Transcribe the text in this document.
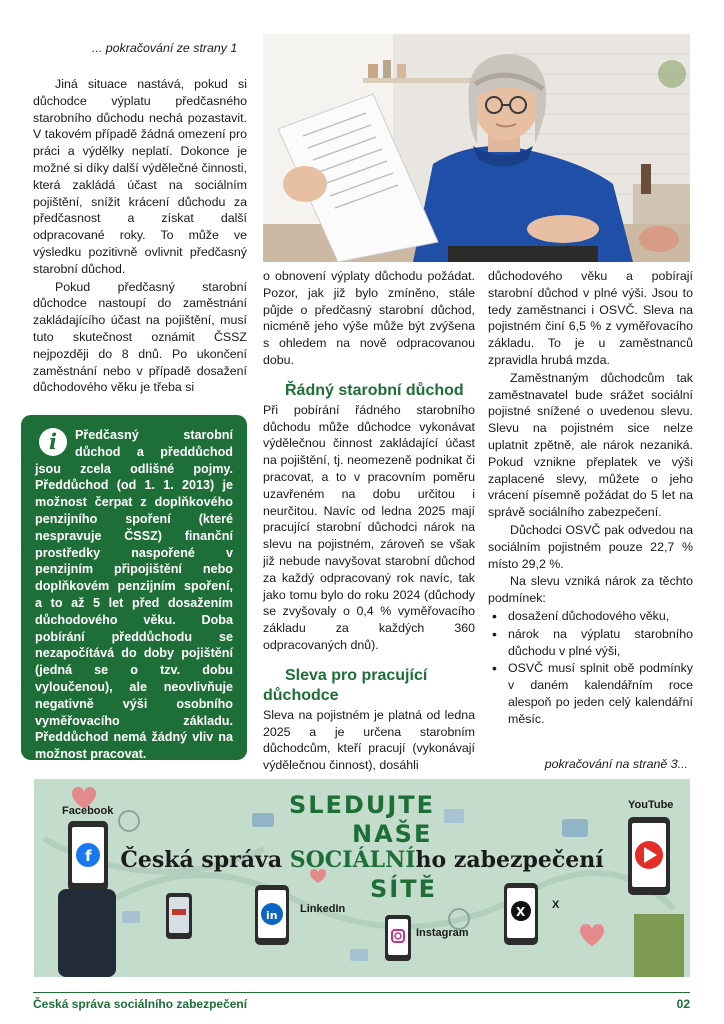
... pokračování ze strany 1

Jiná situace nastává, pokud si důchodce výplatu předčasného starobního důchodu nechá pozastavit. V takovém případě žádná omezení pro práci a výdělky neplatí. Dokonce je možné si díky další výdělečné činnosti, která zakládá účast na sociálním pojištění, snížit krácení důchodu za předčasnost a získat další odpracované roky. To může ve výsledku pozitivně ovlivnit předčasný starobní důchod.

Pokud předčasný starobní důchodce nastoupí do zaměstnání zakládajícího účast na pojištění, musí tuto skutečnost oznámit ČSSZ nejpozději do 8 dnů. Po ukončení zaměstnání nebo v případě dosažení důchodového věku je třeba si

i	Předčasný starobní důchod a předdůchod jsou zcela odlišné pojmy. Předdůchod (od 1. 1. 2013) je možnost čerpat z doplňkového penzijního spoření (které nespravuje ČSSZ) finanční prostředky naspořené v penzijním připojištění nebo doplňkovém penzijním spoření, a to až 5 let před dosažením důchodového věku. Doba pobírání předdůchodu se nezapočítává do doby pojištění (jedná se o tzv. dobu vyloučenou), ale neovlivňuje negativně výši osobního vyměřovacího základu. Předdůchod nemá žádný vliv na možnost pracovat.

o obnovení výplaty důchodu požádat. Pozor, jak již bylo zmíněno, stále půjde o předčasný starobní důchod, nicméně jeho výše může být zvýšena s ohledem na nově odpracovanou dobu.

Řádný starobní důchod

Při pobírání řádného starobního důchodu může důchodce vykonávat výdělečnou činnost zakládající účast na pojištění, tj. neomezeně podnikat či pracovat, a to v pracovním poměru uzavřeném na dobu určitou i neurčitou. Navíc od ledna 2025 mají pracující starobní důchodci nárok na slevu na pojistném, zároveň se však již nebude navyšovat starobní důchod za každý odpracovaný rok navíc, tak jako tomu bylo do roku 2024 (důchody se zvyšovaly o 0,4 % vyměřovacího základu za každých 360 odpracovaných dnů).

Sleva pro pracující důchodce

Sleva na pojistném je platná od ledna 2025 a je určena starobním důchodcům, kteří pracují (vykonávají výdělečnou činnost), dosáhli

důchodového věku a pobírají starobní důchod v plné výši. Jsou to tedy zaměstnanci i OSVČ. Sleva na pojistném činí 6,5 % z vyměřovacího základu. To je u zaměstnanců zpravidla hrubá mzda.

Zaměstnaným důchodcům tak zaměstnavatel bude srážet sociální pojistné snížené o uvedenou slevu. Slevu na pojistném sice nelze uplatnit zpětně, ale nárok nezaniká. Pokud vznikne přeplatek ve výši zaplacené slevy, můžete o jeho vrácení písemně požádat do 5 let na správě sociálního zabezpečení.

Důchodci OSVČ pak odvedou na sociálním pojistném pouze 22,7 % místo 29,2 %.

Na slevu vzniká nárok za těchto podmínek:

• dosažení důchodového věku,
• nárok na výplatu starobního důchodu v plné výši,
• OSVČ musí splnit obě podmínky v daném kalendářním roce alespoň po jeden celý kalendářní měsíc.
pokračování na straně 3...
f
in	X
SLEDUJTE
NAŠE
Česká správa SOCIÁLNÍho zabezpečení
SÍTĚ
Facebook	YouTube
LinkedIn
Instagram
X
Česká správa sociálního zabezpečení	02
